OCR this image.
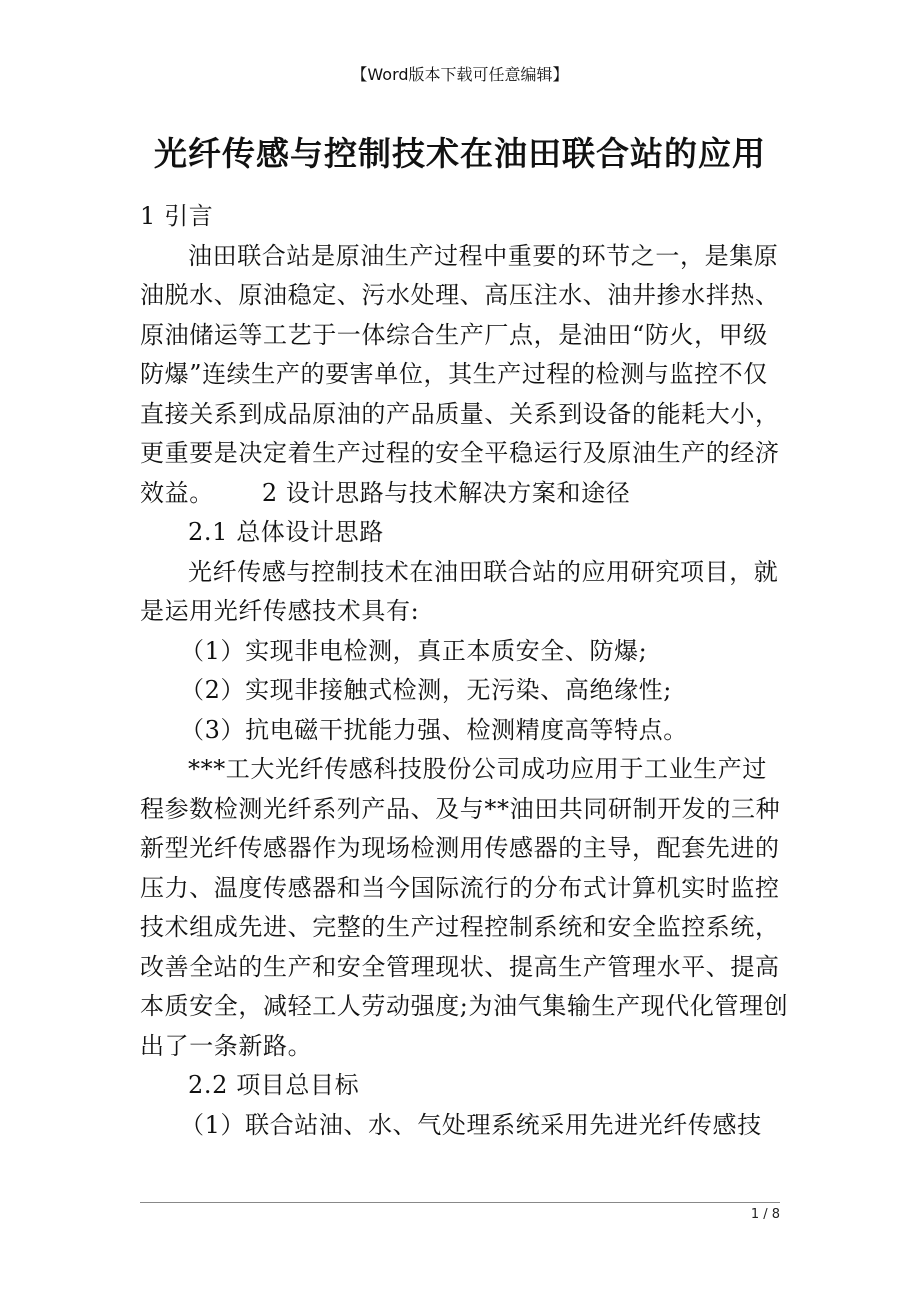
【Word版本下载可任意编辑】
光纤传感与控制技术在油田联合站的应用

1 引言

油田联合站是原油生产过程中重要的环节之一，是集原油脱水、原油稳定、污水处理、高压注水、油井掺水拌热、原油储运等工艺于一体综合生产厂点，是油田“防火，甲级防爆”连续生产的要害单位，其生产过程的检测与监控不仅直接关系到成品原油的产品质量、关系到设备的能耗大小，更重要是决定着生产过程的安全平稳运行及原油生产的经济效益。 2 设计思路与技术解决方案和途径

2.1 总体设计思路

光纤传感与控制技术在油田联合站的应用研究项目，就是运用光纤传感技术具有:

（1）实现非电检测，真正本质安全、防爆;

（2）实现非接触式检测，无污染、高绝缘性;

（3）抗电磁干扰能力强、检测精度高等特点。

***工大光纤传感科技股份公司成功应用于工业生产过程参数检测光纤系列产品、及与**油田共同研制开发的三种新型光纤传感器作为现场检测用传感器的主导，配套先进的压力、温度传感器和当今国际流行的分布式计算机实时监控技术组成先进、完整的生产过程控制系统和安全监控系统，改善全站的生产和安全管理现状、提高生产管理水平、提高本质安全，减轻工人劳动强度;为油气集输生产现代化管理创出了一条新路。

2.2 项目总目标

（1）联合站油、水、气处理系统采用先进光纤传感技

1 / 8
